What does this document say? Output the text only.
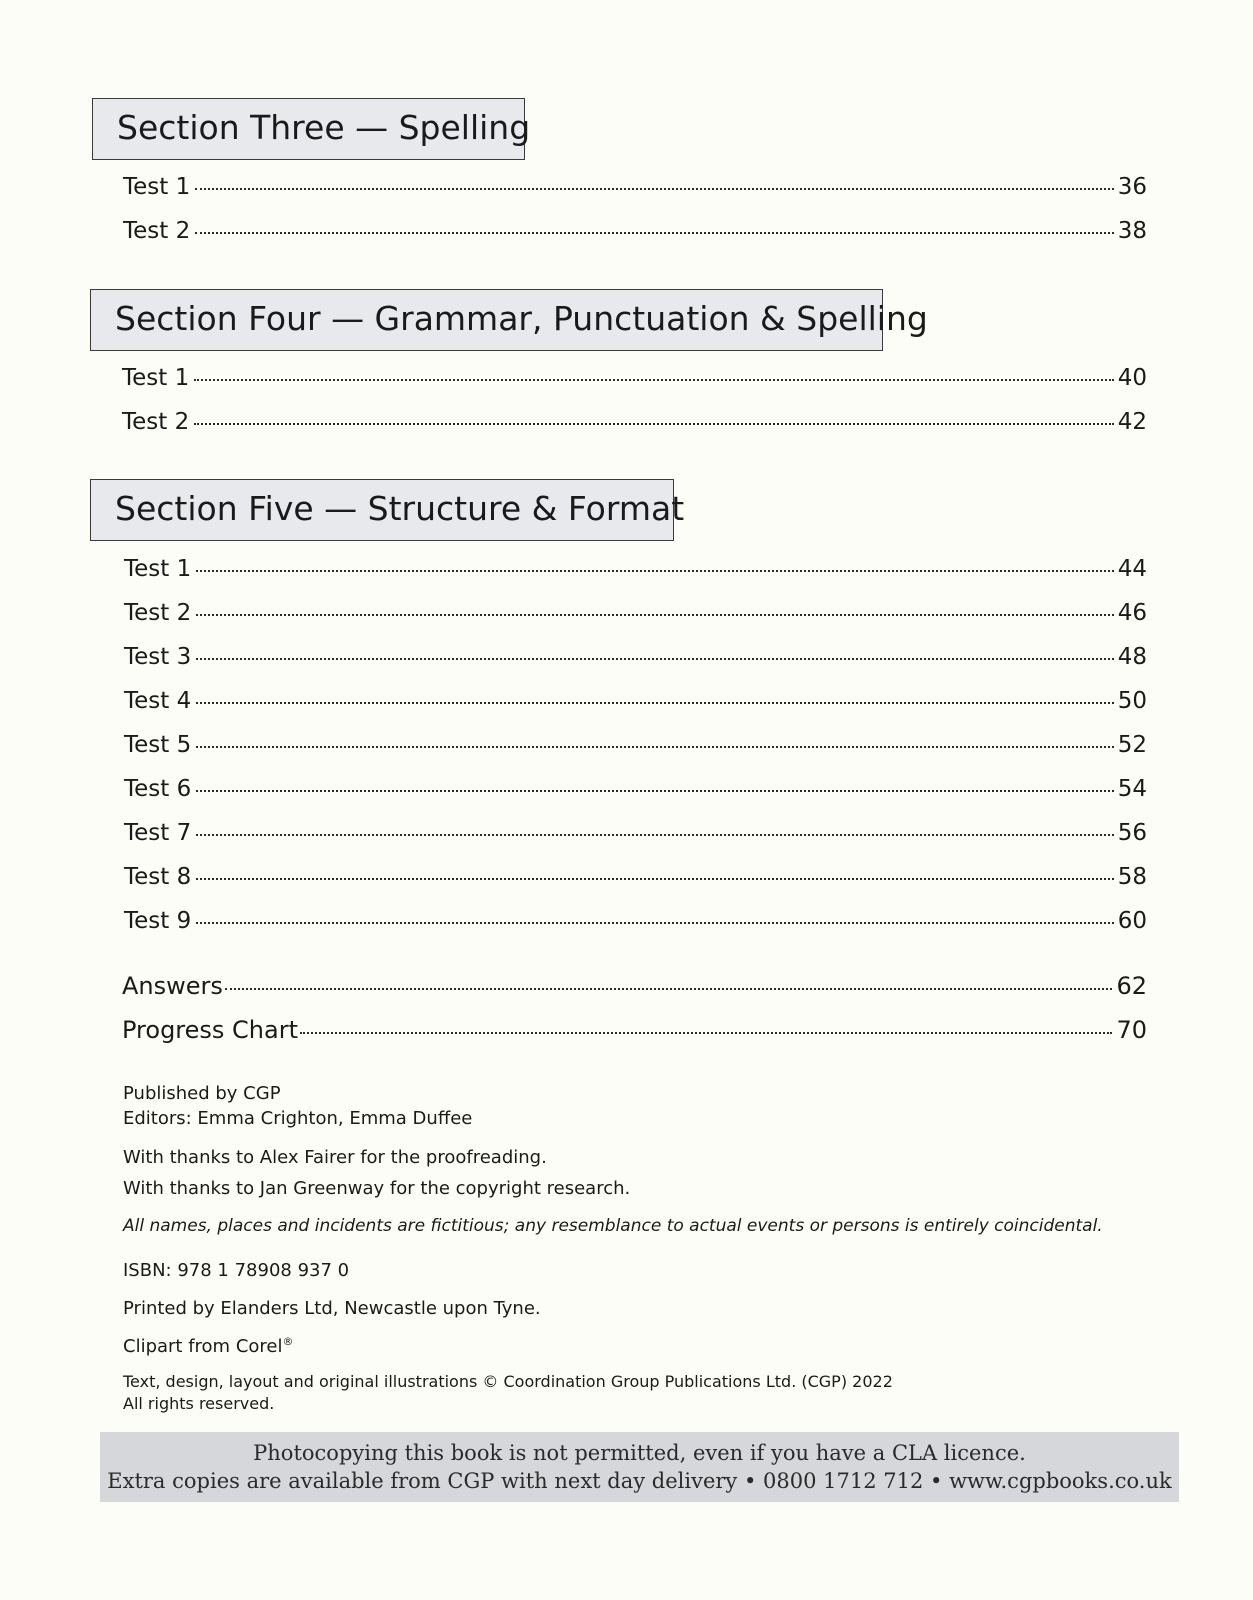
Section Three — Spelling
Test 1	36
Test 2	38
Section Four — Grammar, Punctuation & Spelling
Test 1	40
Test 2	42
Section Five — Structure & Format
Test 1	44
Test 2	46
Test 3	48
Test 4	50
Test 5	52
Test 6	54
Test 7	56
Test 8	58
Test 9	60
Answers	62
Progress Chart	70
Published by CGP
Editors: Emma Crighton, Emma Duffee
With thanks to Alex Fairer for the proofreading.
With thanks to Jan Greenway for the copyright research.
All names, places and incidents are fictitious; any resemblance to actual events or persons is entirely coincidental.
ISBN: 978 1 78908 937 0
Printed by Elanders Ltd, Newcastle upon Tyne.
Clipart from Corel®
Text, design, layout and original illustrations © Coordination Group Publications Ltd. (CGP) 2022
All rights reserved.
Photocopying this book is not permitted, even if you have a CLA licence.
Extra copies are available from CGP with next day delivery • 0800 1712 712 • www.cgpbooks.co.uk
